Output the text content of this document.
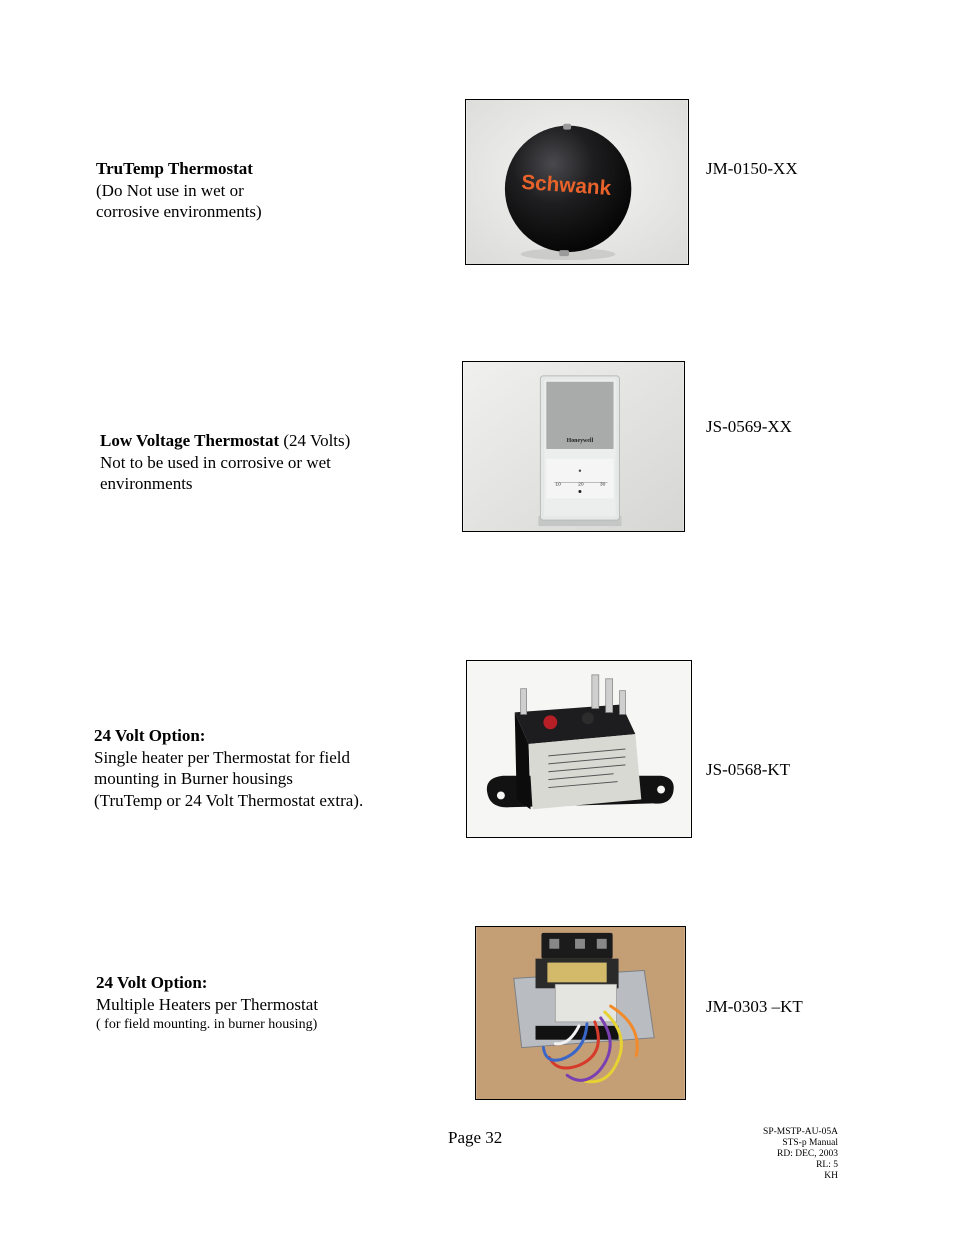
TruTemp Thermostat
(Do Not use in wet or
corrosive environments)
Schwank
JM-0150-XX
Low Voltage Thermostat (24 Volts)
Not to be used in corrosive or wet
environments
Honeywell
10	20	30
JS-0569-XX
24 Volt Option:
Single heater per Thermostat for field
mounting in Burner housings
(TruTemp or 24 Volt Thermostat extra).
JS-0568-KT
24 Volt Option:
Multiple Heaters per Thermostat
( for field mounting. in burner housing)
JM-0303 –KT
Page 32	SP-MSTP-AU-05A
STS-p Manual
RD: DEC, 2003
RL: 5
KH
